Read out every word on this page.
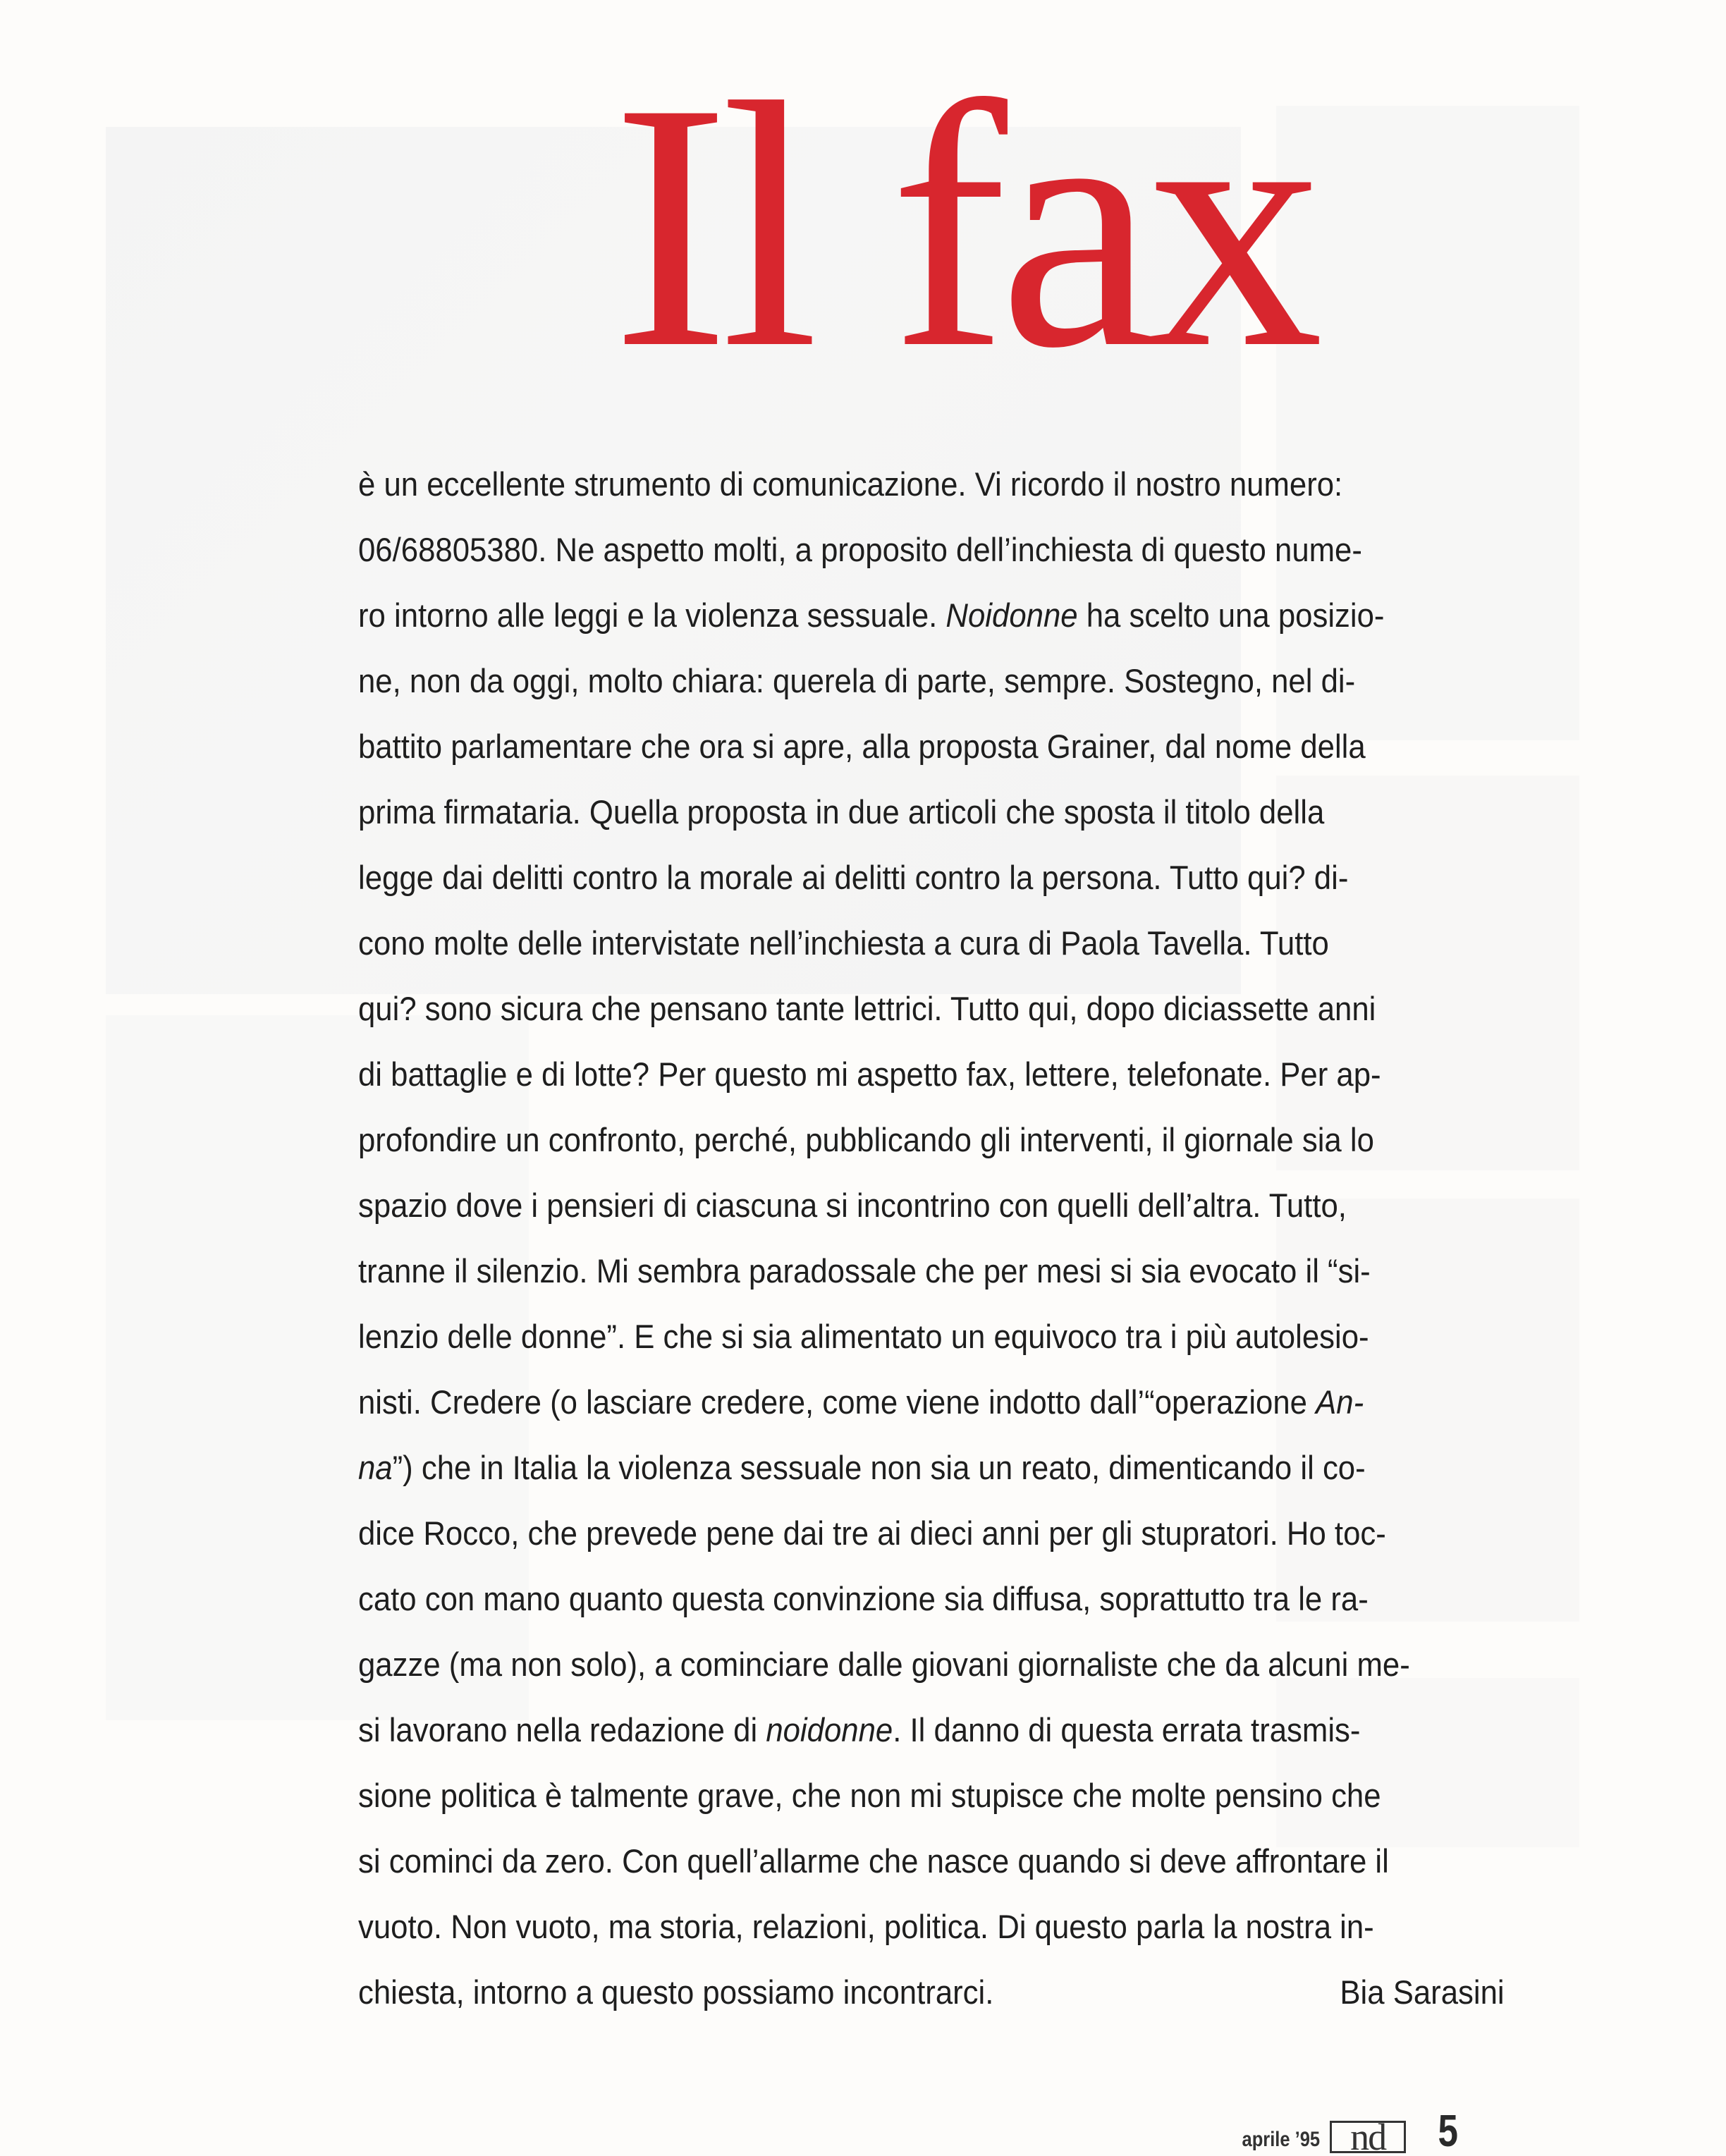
Il fax
è un eccellente strumento di comunicazione. Vi ricordo il nostro numero:
06/68805380. Ne aspetto molti, a proposito dell’inchiesta di questo nume-
ro intorno alle leggi e la violenza sessuale. Noidonne ha scelto una posizio-
ne, non da oggi, molto chiara: querela di parte, sempre. Sostegno, nel di-
battito parlamentare che ora si apre, alla proposta Grainer, dal nome della
prima firmataria. Quella proposta in due articoli che sposta il titolo della
legge dai delitti contro la morale ai delitti contro la persona. Tutto qui? di-
cono molte delle intervistate nell’inchiesta a cura di Paola Tavella. Tutto
qui? sono sicura che pensano tante lettrici. Tutto qui, dopo diciassette anni
di battaglie e di lotte? Per questo mi aspetto fax, lettere, telefonate. Per ap-
profondire un confronto, perché, pubblicando gli interventi, il giornale sia lo
spazio dove i pensieri di ciascuna si incontrino con quelli dell’altra. Tutto,
tranne il silenzio. Mi sembra paradossale che per mesi si sia evocato il “si-
lenzio delle donne”. E che si sia alimentato un equivoco tra i più autolesio-
nisti. Credere (o lasciare credere, come viene indotto dall’“operazione An-
na”) che in Italia la violenza sessuale non sia un reato, dimenticando il co-
dice Rocco, che prevede pene dai tre ai dieci anni per gli stupratori. Ho toc-
cato con mano quanto questa convinzione sia diffusa, soprattutto tra le ra-
gazze (ma non solo), a cominciare dalle giovani giornaliste che da alcuni me-
si lavorano nella redazione di noidonne. Il danno di questa errata trasmis-
sione politica è talmente grave, che non mi stupisce che molte pensino che
si cominci da zero. Con quell’allarme che nasce quando si deve affrontare il
vuoto. Non vuoto, ma storia, relazioni, politica. Di questo parla la nostra in-
chiesta, intorno a questo possiamo incontrarci.	Bia Sarasini
aprile ’95 nd	5
